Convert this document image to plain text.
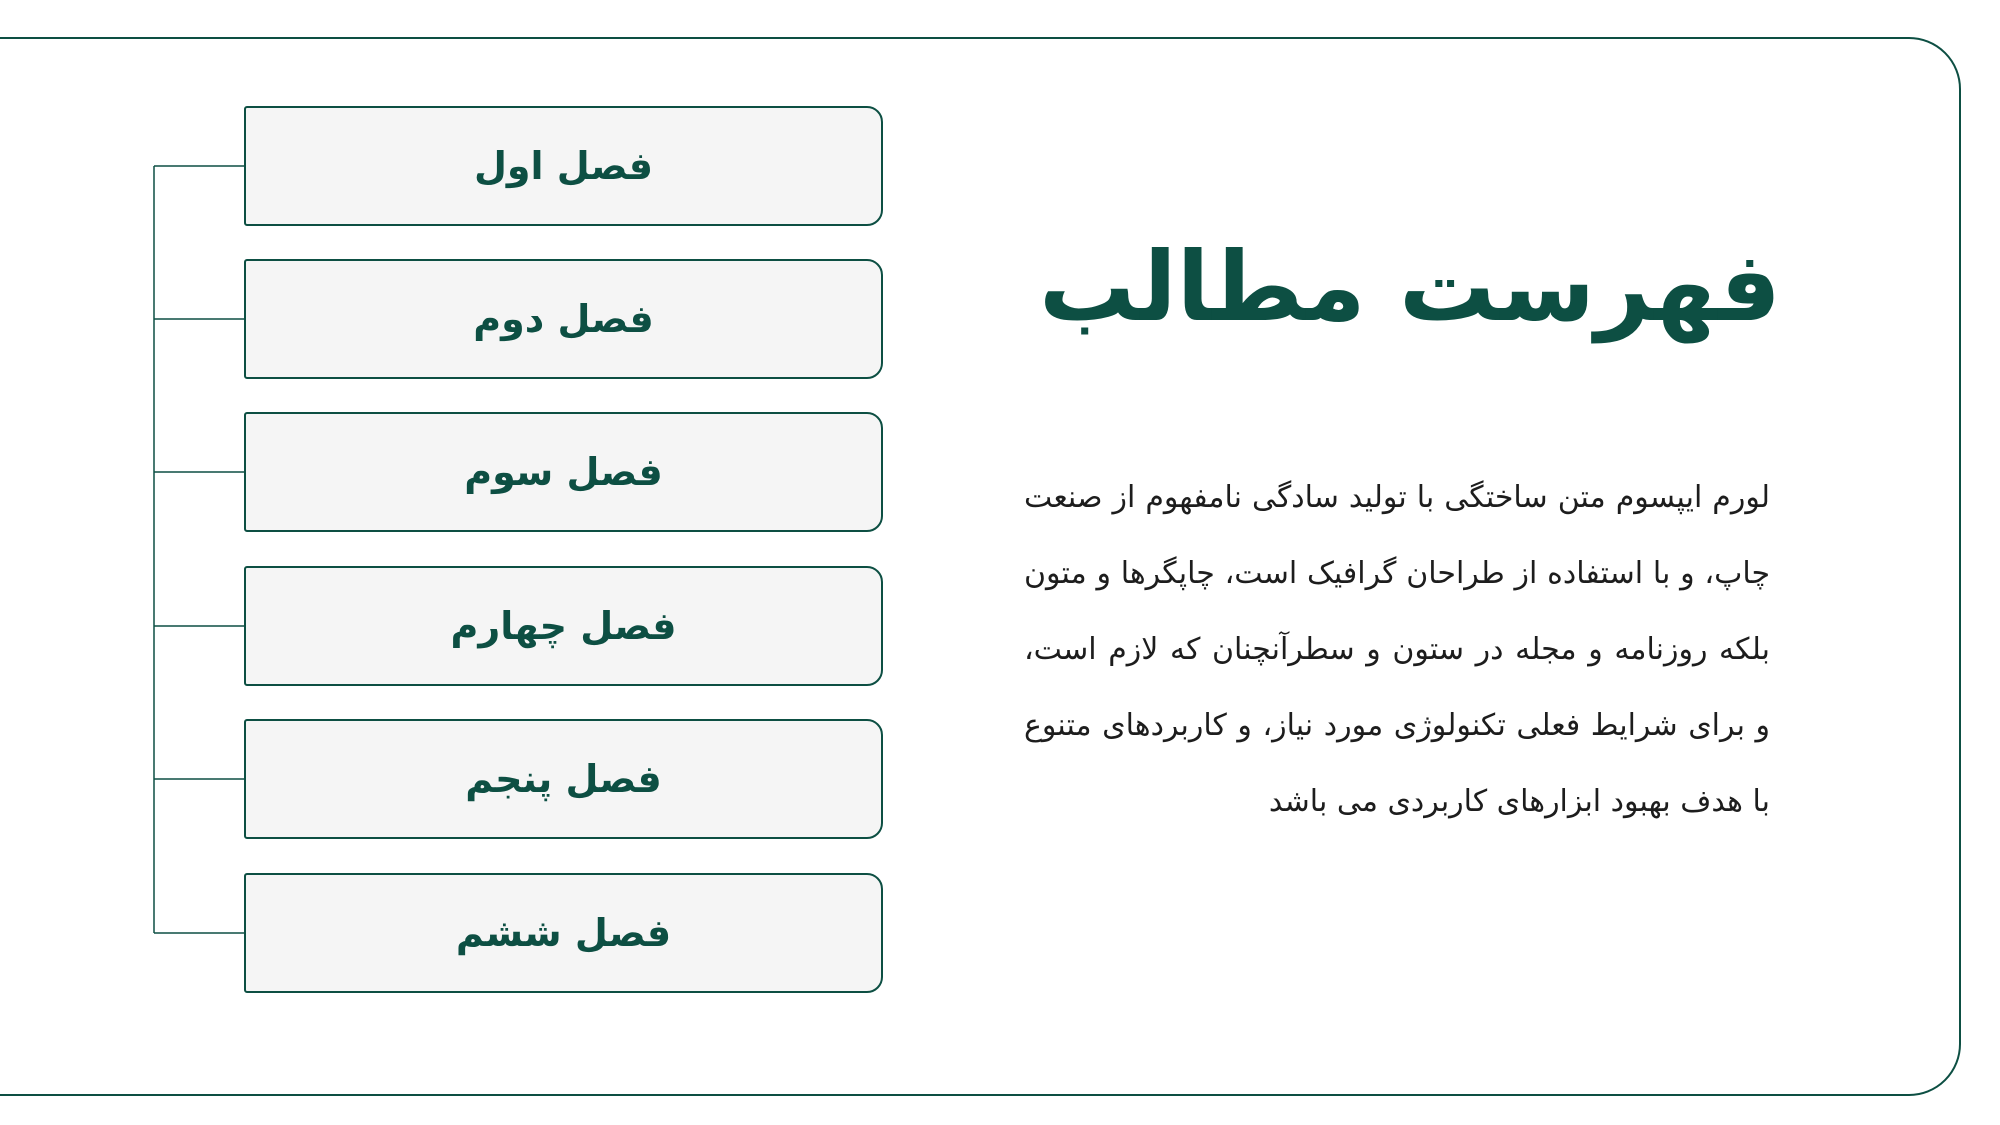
فصل اول
فصل دوم
فصل سوم
فصل چهارم
فصل پنجم
فصل ششم
فهرست مطالب
لورم ایپسوم متن ساختگی با تولید سادگی نامفهوم از صنعت چاپ، و با استفاده از طراحان گرافیک است، چاپگرها و متون بلکه روزنامه و مجله در ستون و سطرآنچنان که لازم است، و برای شرایط فعلی تکنولوژی مورد نیاز، و کاربردهای متنوع با هدف بهبود ابزارهای کاربردی می باشد
